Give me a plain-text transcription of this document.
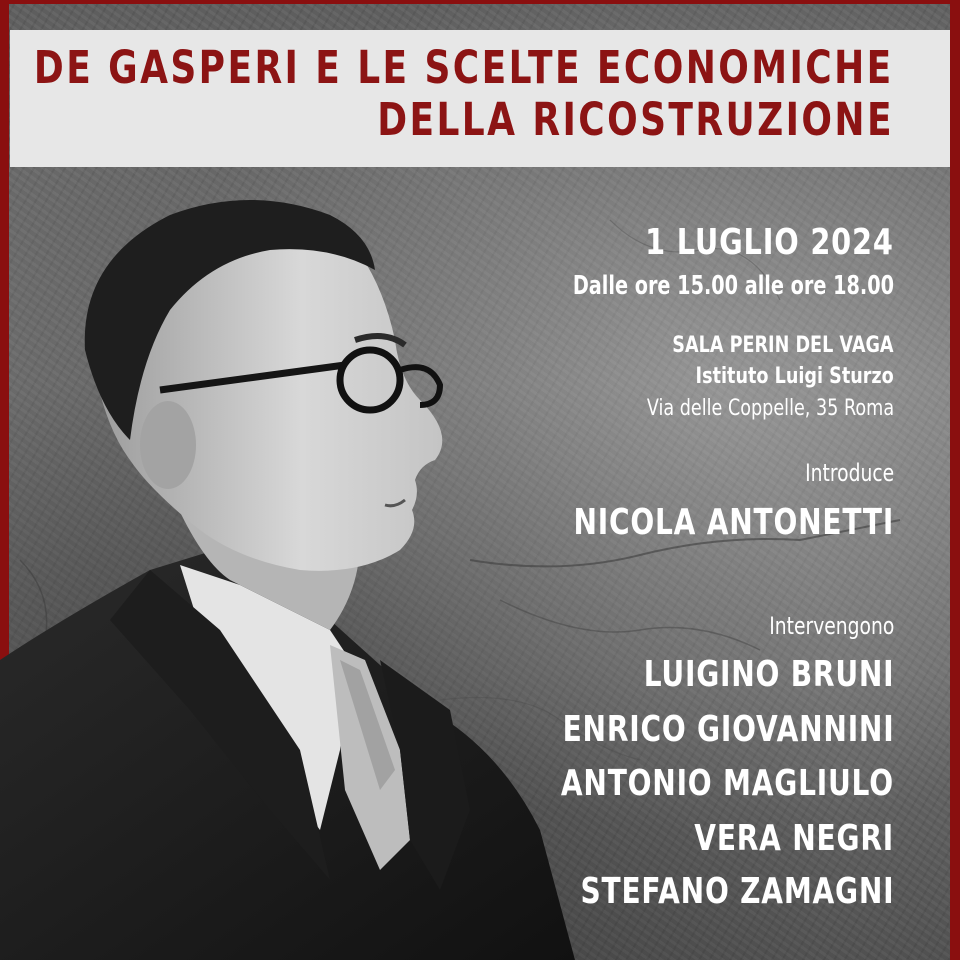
DE GASPERI E LE SCELTE ECONOMICHE
DELLA RICOSTRUZIONE
1 LUGLIO 2024
Dalle ore 15.00 alle ore 18.00
SALA PERIN DEL VAGA
Istituto Luigi Sturzo
Via delle Coppelle, 35 Roma
Introduce
NICOLA ANTONETTI
Intervengono
LUIGINO BRUNI
ENRICO GIOVANNINI
ANTONIO MAGLIULO
VERA NEGRI
STEFANO ZAMAGNI
